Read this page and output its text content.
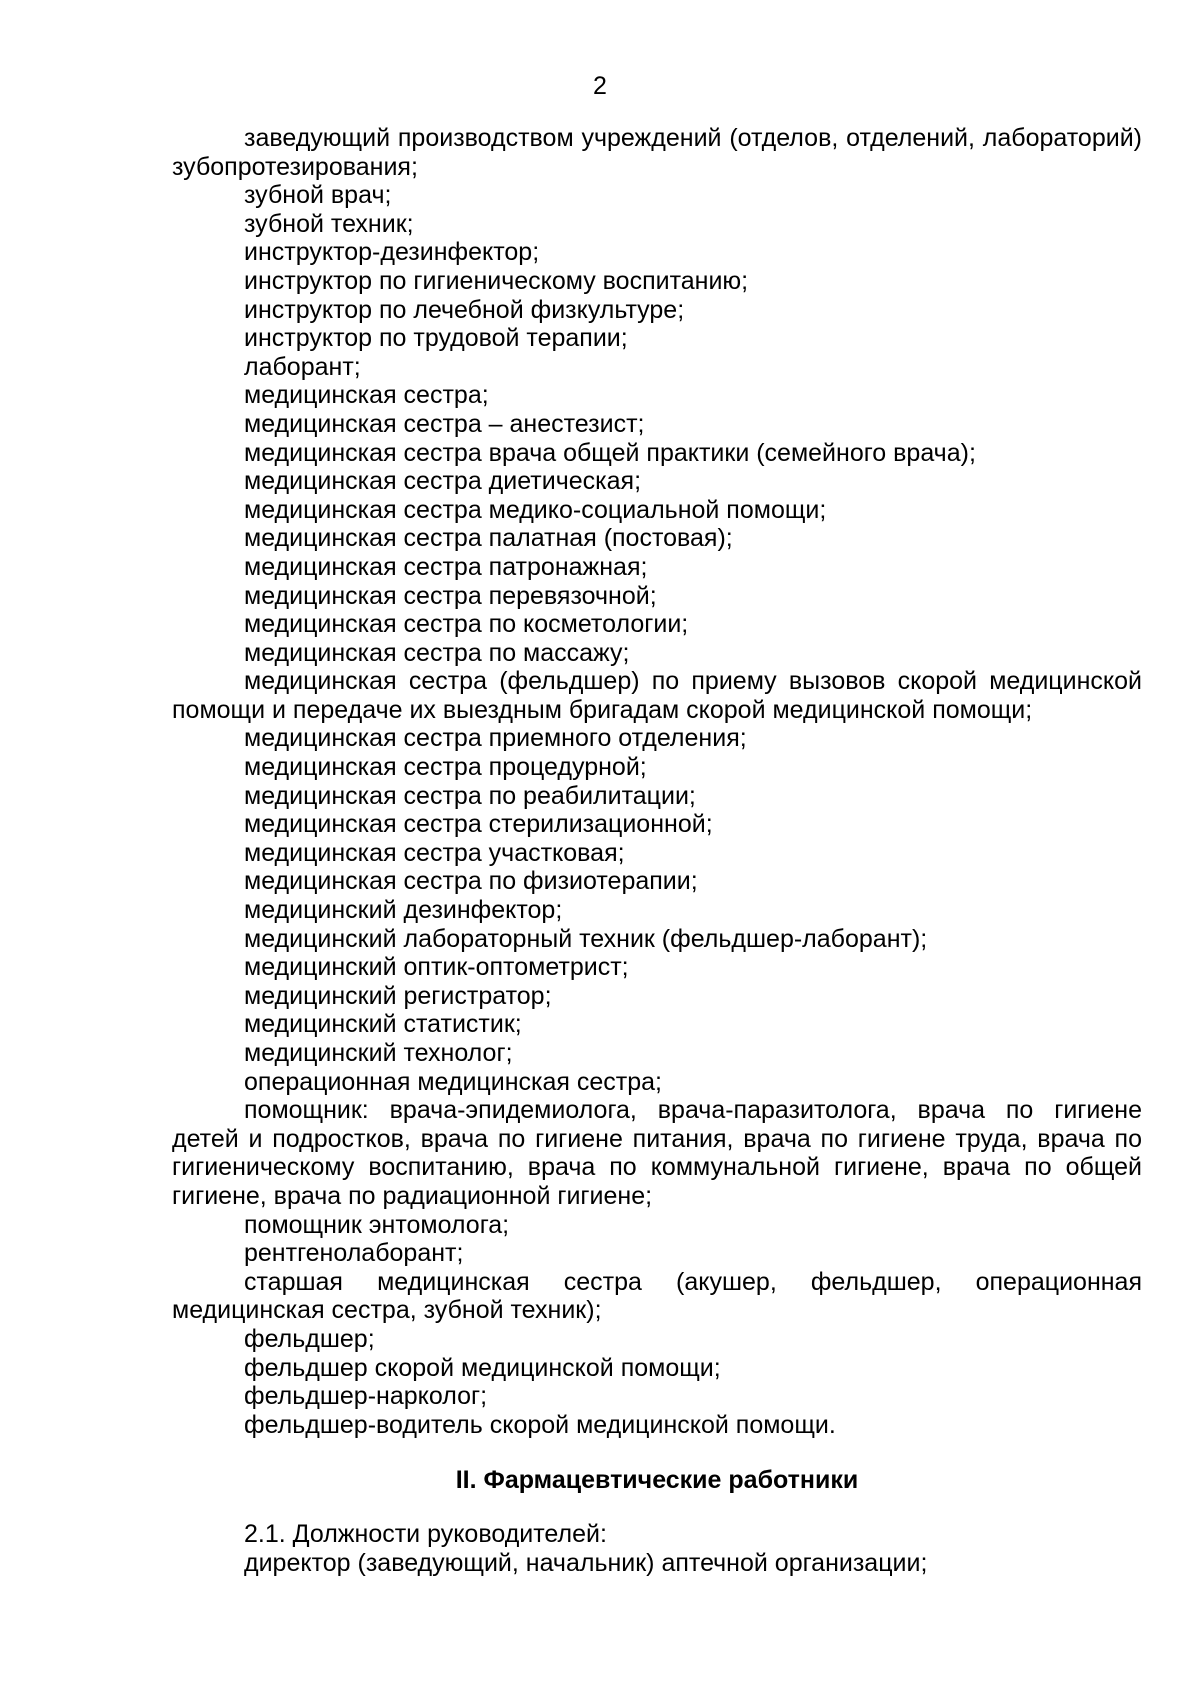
2

заведующий производством учреждений (отделов, отделений, лабораторий) зубопротезирования;

зубной врач;

зубной техник;

инструктор-дезинфектор;

инструктор по гигиеническому воспитанию;

инструктор по лечебной физкультуре;

инструктор по трудовой терапии;

лаборант;

медицинская сестра;

медицинская сестра – анестезист;

медицинская сестра врача общей практики (семейного врача);

медицинская сестра диетическая;

медицинская сестра медико-социальной помощи;

медицинская сестра палатная (постовая);

медицинская сестра патронажная;

медицинская сестра перевязочной;

медицинская сестра по косметологии;

медицинская сестра по массажу;

медицинская сестра (фельдшер) по приему вызовов скорой медицинской помощи и передаче их выездным бригадам скорой медицинской помощи;

медицинская сестра приемного отделения;

медицинская сестра процедурной;

медицинская сестра по реабилитации;

медицинская сестра стерилизационной;

медицинская сестра участковая;

медицинская сестра по физиотерапии;

медицинский дезинфектор;

медицинский лабораторный техник (фельдшер-лаборант);

медицинский оптик-оптометрист;

медицинский регистратор;

медицинский статистик;

медицинский технолог;

операционная медицинская сестра;

помощник: врача-эпидемиолога, врача-паразитолога, врача по гигиене детей и подростков, врача по гигиене питания, врача по гигиене труда, врача по гигиеническому воспитанию, врача по коммунальной гигиене, врача по общей гигиене, врача по радиационной гигиене;

помощник энтомолога;

рентгенолаборант;

старшая медицинская сестра (акушер, фельдшер, операционная медицинская сестра, зубной техник);

фельдшер;

фельдшер скорой медицинской помощи;

фельдшер-нарколог;

фельдшер-водитель скорой медицинской помощи.

II. Фармацевтические работники

2.1. Должности руководителей:

директор (заведующий, начальник) аптечной организации;
